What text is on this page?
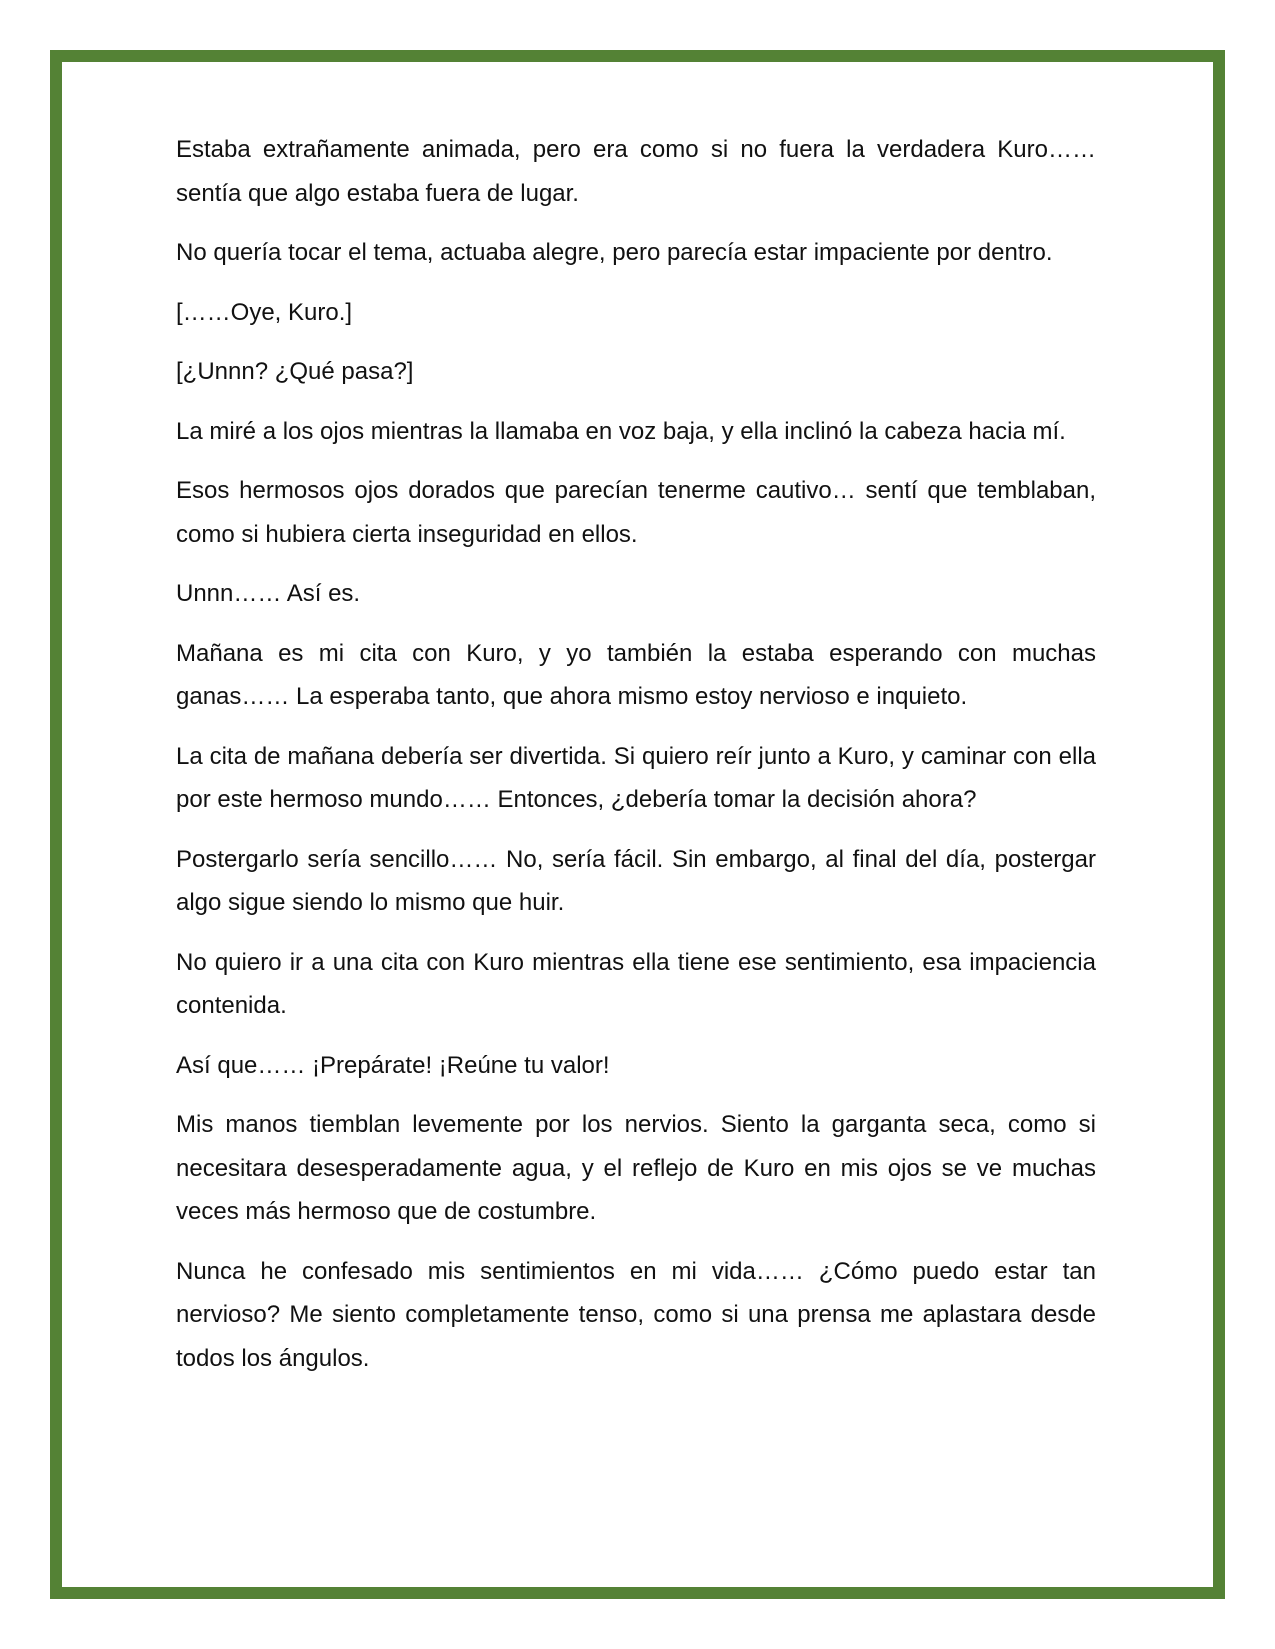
Estaba extrañamente animada, pero era como si no fuera la verdadera Kuro…… sentía que algo estaba fuera de lugar.

No quería tocar el tema, actuaba alegre, pero parecía estar impaciente por dentro.

[……Oye, Kuro.]

[¿Unnn? ¿Qué pasa?]

La miré a los ojos mientras la llamaba en voz baja, y ella inclinó la cabeza hacia mí.

Esos hermosos ojos dorados que parecían tenerme cautivo… sentí que temblaban, como si hubiera cierta inseguridad en ellos.

Unnn…… Así es.

Mañana es mi cita con Kuro, y yo también la estaba esperando con muchas ganas…… La esperaba tanto, que ahora mismo estoy nervioso e inquieto.

La cita de mañana debería ser divertida. Si quiero reír junto a Kuro, y caminar con ella por este hermoso mundo…… Entonces, ¿debería tomar la decisión ahora?

Postergarlo sería sencillo…… No, sería fácil. Sin embargo, al final del día, postergar algo sigue siendo lo mismo que huir.

No quiero ir a una cita con Kuro mientras ella tiene ese sentimiento, esa impaciencia contenida.

Así que…… ¡Prepárate! ¡Reúne tu valor!

Mis manos tiemblan levemente por los nervios. Siento la garganta seca, como si necesitara desesperadamente agua, y el reflejo de Kuro en mis ojos se ve muchas veces más hermoso que de costumbre.

Nunca he confesado mis sentimientos en mi vida…… ¿Cómo puedo estar tan nervioso? Me siento completamente tenso, como si una prensa me aplastara desde todos los ángulos.
